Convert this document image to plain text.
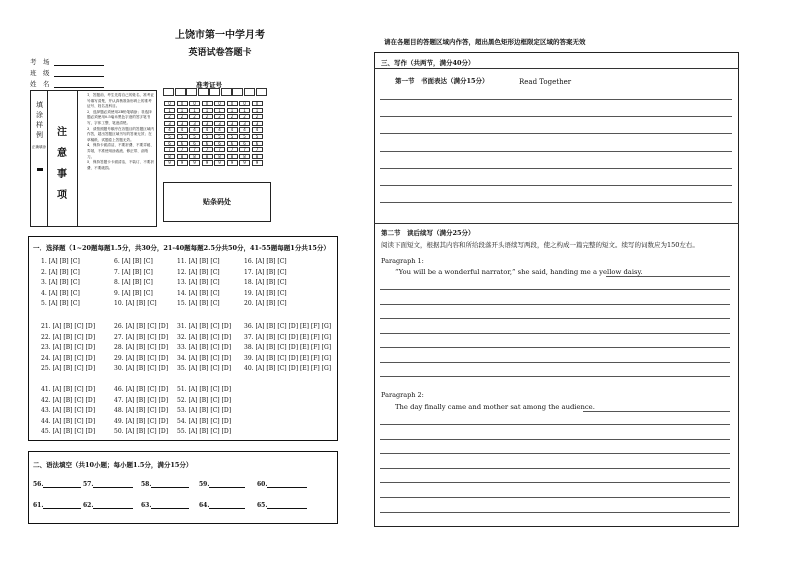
上饶市第一中学月考
英语试卷答题卡
考　场
班　级
姓　名
填涂样例
正确填涂
注意事项
1．答题前，考生先将自己的姓名、准考证号填写清楚，并认真核准条形码上的准考证号、姓名及科目。
2．选择题必须使用2B铅笔填涂；非选择题必须使用0.5毫米黑色字迹的签字笔书写，字体工整、笔迹清楚。
3．请按照题号顺序在各题目的答题区域内作答，超出答题区域书写的答案无效；在草稿纸、试题卷上答题无效。
4．保持卡面清洁，不要折叠、不要弄破、弄皱，不准使用涂改液、修正带、刮纸刀。
5．保持答题卡卡面清洁，不装订、不要折叠、不要破损。
准考证号
0	0	0	0	0	0	0	0
1	1	1	1	1	1	1	1
2	2	2	2	2	2	2	2
3	3	3	3	3	3	3	3
4	4	4	4	4	4	4	4
5	5	5	5	5	5	5	5
6	6	6	6	6	6	6	6
7	7	7	7	7	7	7	7
8	8	8	8	8	8	8	8
9	9	9	9	9	9	9	9
贴条码处
一．选择题（1~20题每题1.5分，共30分，21-40题每题2.5分共50分，41-55题每题1分共15分）
1. [A] [B] [C]	6. [A] [B] [C]	11. [A] [B] [C]	16. [A] [B] [C]
2. [A] [B] [C]	7. [A] [B] [C]	12. [A] [B] [C]	17. [A] [B] [C]
3. [A] [B] [C]	8. [A] [B] [C]	13. [A] [B] [C]	18. [A] [B] [C]
4. [A] [B] [C]	9. [A] [B] [C]	14. [A] [B] [C]	19. [A] [B] [C]
5. [A] [B] [C]	10. [A] [B] [C]	15. [A] [B] [C]	20. [A] [B] [C]
21. [A] [B] [C] [D]	26. [A] [B] [C] [D] 31. [A] [B] [C] [D] 36. [A] [B] [C] [D] [E] [F] [G]
22. [A] [B] [C] [D]	27. [A] [B] [C] [D] 32. [A] [B] [C] [D] 37. [A] [B] [C] [D] [E] [F] [G]
23. [A] [B] [C] [D]	28. [A] [B] [C] [D] 33. [A] [B] [C] [D] 38. [A] [B] [C] [D] [E] [F] [G]
24. [A] [B] [C] [D]	29. [A] [B] [C] [D] 34. [A] [B] [C] [D] 39. [A] [B] [C] [D] [E] [F] [G]
25. [A] [B] [C] [D]	30. [A] [B] [C] [D] 35. [A] [B] [C] [D] 40. [A] [B] [C] [D] [E] [F] [G]
41. [A] [B] [C] [D]	46. [A] [B] [C] [D] 51. [A] [B] [C] [D]
42. [A] [B] [C] [D]	47. [A] [B] [C] [D] 52. [A] [B] [C] [D]
43. [A] [B] [C] [D]	48. [A] [B] [C] [D] 53. [A] [B] [C] [D]
44. [A] [B] [C] [D]	49. [A] [B] [C] [D] 54. [A] [B] [C] [D]
45. [A] [B] [C] [D]	50. [A] [B] [C] [D] 55. [A] [B] [C] [D]
二、语法填空（共10小题；每小题1.5分，满分15分）
56.	57.	58.	59.	60.
61.	62.	63.	64.	65.
请在各题目的答题区域内作答，超出黑色矩形边框限定区域的答案无效
三、写作（共两节，满分40分）
第一节　书面表达（满分15分）	Read Together
第二节　读后续写（满分25分）
阅读下面短文，根据其内容和所给段落开头语续写两段，使之构成一篇完整的短文。续写的词数应为150左右。
Paragraph 1:
“You will be a wonderful narrator,” she said, handing me a yellow daisy.
Paragraph 2:
The day finally came and mother sat among the audience.
